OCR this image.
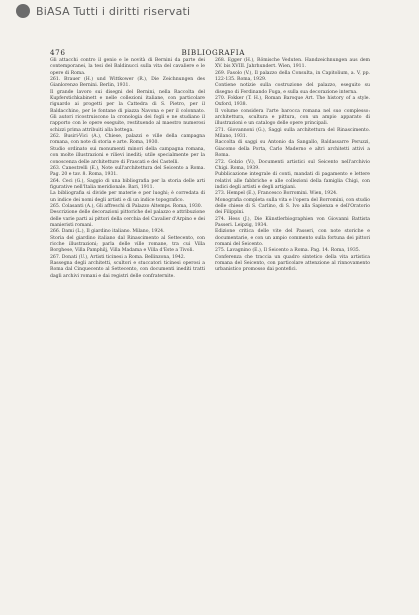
BiASA Tutti i diritti riservati
476	BIBLIOGRAFIA

Gli attacchi contro il genio e le novità di Bernini da parte dei contemporanei, la tesi del Baldinucci sulla vita del cavaliere e le opere di Roma.

261. Brauer (H.) und Wittkower (R.), Die Zeichnungen des Gianlorenzo Bernini. Berlin, 1931.

Il grande lavoro sui disegni del Bernini, nella Raccolta del Kupferstichkabinett e nelle collezioni italiane, con particolare riguardo ai progetti per la Cattedra di S. Pietro, per il Baldacchino, per le fontane di piazza Navona e per il colonnato. Gli autori ricostruiscono la cronologia dei fogli e ne studiano il rapporto con le opere eseguite, restituendo al maestro numerosi schizzi prima attribuiti alla bottega.

262. Busiri-Vici (A.), Chiese, palazzi e ville della campagna romana, con note di storia e arte. Roma, 1930.

Studio ordinato sui monumenti minori della campagna romana, con molte illustrazioni e rilievi inediti; utile specialmente per la conoscenza delle architetture di Frascati e dei Castelli.

263. Canestrelli (E.), Note sull'architettura del Seicento a Roma. Pag. 20 e tav. 8. Roma, 1931.

264. Ceci (G.), Saggio di una bibliografia per la storia delle arti figurative nell'Italia meridionale. Bari, 1911.

La bibliografia si divide per materie e per luoghi; è corredata di un indice dei nomi degli artisti e di un indice topografico.

265. Colasanti (A.), Gli affreschi di Palazzo Altemps. Roma, 1930.

Descrizione delle decorazioni pittoriche del palazzo e attribuzione delle varie parti ai pittori della cerchia del Cavalier d'Arpino e dei manieristi romani.

266. Dami (L.), Il giardino italiano. Milano, 1924.

Storia del giardino italiano dal Rinascimento al Settecento, con ricche illustrazioni; parla delle ville romane, tra cui Villa Borghese, Villa Pamphilj, Villa Madama e Villa d'Este a Tivoli.

267. Donati (U.), Artisti ticinesi a Roma. Bellinzona, 1942.

Rassegna degli architetti, scultori e stuccatori ticinesi operosi a Roma dal Cinquecento al Settecento, con documenti inediti tratti dagli archivi romani e dai registri delle confraternite.

268. Egger (H.), Römische Veduten. Handzeichnungen aus dem XV. bis XVIII. Jahrhundert. Wien, 1911.

269. Fasolo (V.), Il palazzo della Consulta, in Capitolium, a. V, pp. 122-135. Roma, 1929.

Contiene notizie sulla costruzione del palazzo, eseguito su disegno di Ferdinando Fuga, e sulla sua decorazione interna.

270. Fokker (T. H.), Roman Baroque Art. The history of a style. Oxford, 1938.

Il volume considera l'arte barocca romana nel suo complesso: architettura, scultura e pittura, con un ampio apparato di illustrazioni e un catalogo delle opere principali.

271. Giovannoni (G.), Saggi sulla architettura del Rinascimento. Milano, 1931.

Raccolta di saggi su Antonio da Sangallo, Baldassarre Peruzzi, Giacomo della Porta, Carlo Maderno e altri architetti attivi a Roma.

272. Golzio (V.), Documenti artistici sul Seicento nell'archivio Chigi. Roma, 1939.

Pubblicazione integrale di conti, mandati di pagamento e lettere relativi alle fabbriche e alle collezioni della famiglia Chigi, con indici degli artisti e degli artigiani.

273. Hempel (E.), Francesco Borromini. Wien, 1924.

Monografia completa sulla vita e l'opera del Borromini, con studio delle chiese di S. Carlino, di S. Ivo alla Sapienza e dell'Oratorio dei Filippini.

274. Hess (J.), Die Künstlerbiographien von Giovanni Battista Passeri. Leipzig, 1934.

Edizione critica delle vite del Passeri, con note storiche e documentarie, e con un ampio commento sulla fortuna dei pittori romani del Seicento.

275. Lavagnino (E.), Il Seicento a Roma. Pag. 14. Roma, 1935.

Conferenza che traccia un quadro sintetico della vita artistica romana del Seicento, con particolare attenzione al rinnovamento urbanistico promosso dai pontefici.
